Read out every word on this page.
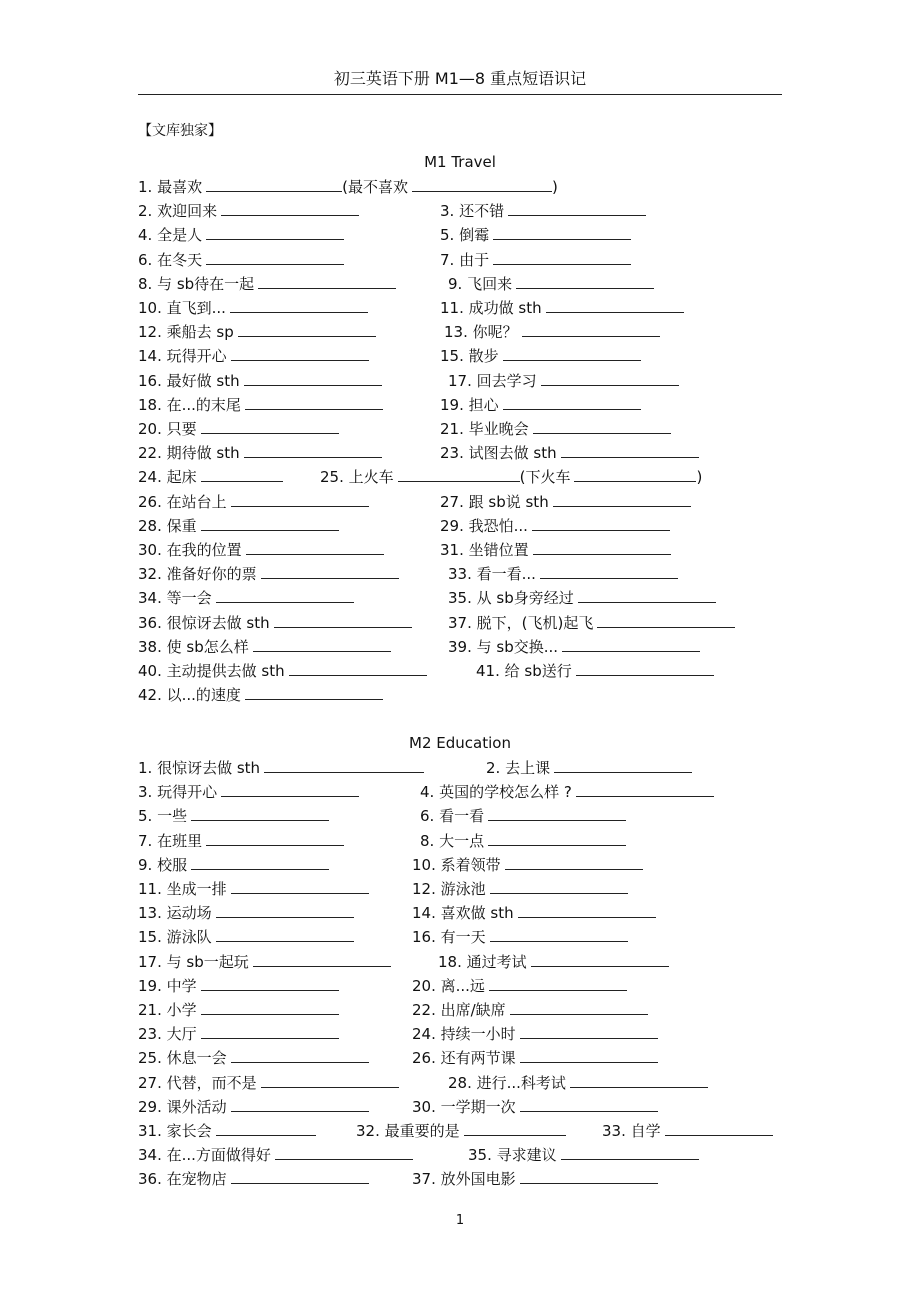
初三英语下册 M1—8 重点短语识记
【文库独家】
M1 Travel
1. 最喜欢	(最不喜欢	)
2. 欢迎回来	3. 还不错
4. 全是人	5. 倒霉
6. 在冬天	7. 由于
8. 与 sb待在一起	9. 飞回来
10. 直飞到...	11. 成功做 sth
12. 乘船去 sp	13. 你呢？
14. 玩得开心	15. 散步
16. 最好做 sth	17. 回去学习
18. 在...的末尾	19. 担心
20. 只要	21. 毕业晚会
22. 期待做 sth	23. 试图去做 sth
24. 起床	25. 上火车	(下火车	)
26. 在站台上	27. 跟 sb说 sth
28. 保重	29. 我恐怕...
30. 在我的位置	31. 坐错位置
32. 准备好你的票	33. 看一看...
34. 等一会	35. 从 sb身旁经过
36. 很惊讶去做 sth	37. 脱下，(飞机)起飞
38. 使 sb怎么样	39. 与 sb交换...
40. 主动提供去做 sth	41. 给 sb送行
42. 以...的速度
M2 Education
1. 很惊讶去做 sth	2. 去上课
3. 玩得开心	4. 英国的学校怎么样 ?
5. 一些	6. 看一看
7. 在班里	8. 大一点
9. 校服	10. 系着领带
11. 坐成一排	12. 游泳池
13. 运动场	14. 喜欢做 sth
15. 游泳队	16. 有一天
17. 与 sb一起玩	18. 通过考试
19. 中学	20. 离...远
21. 小学	22. 出席/缺席
23. 大厅	24. 持续一小时
25. 休息一会	26. 还有两节课
27. 代替，而不是	28. 进行...科考试
29. 课外活动	30. 一学期一次
31. 家长会	32. 最重要的是	33. 自学
34. 在...方面做得好	35. 寻求建议
36. 在宠物店	37. 放外国电影
1
